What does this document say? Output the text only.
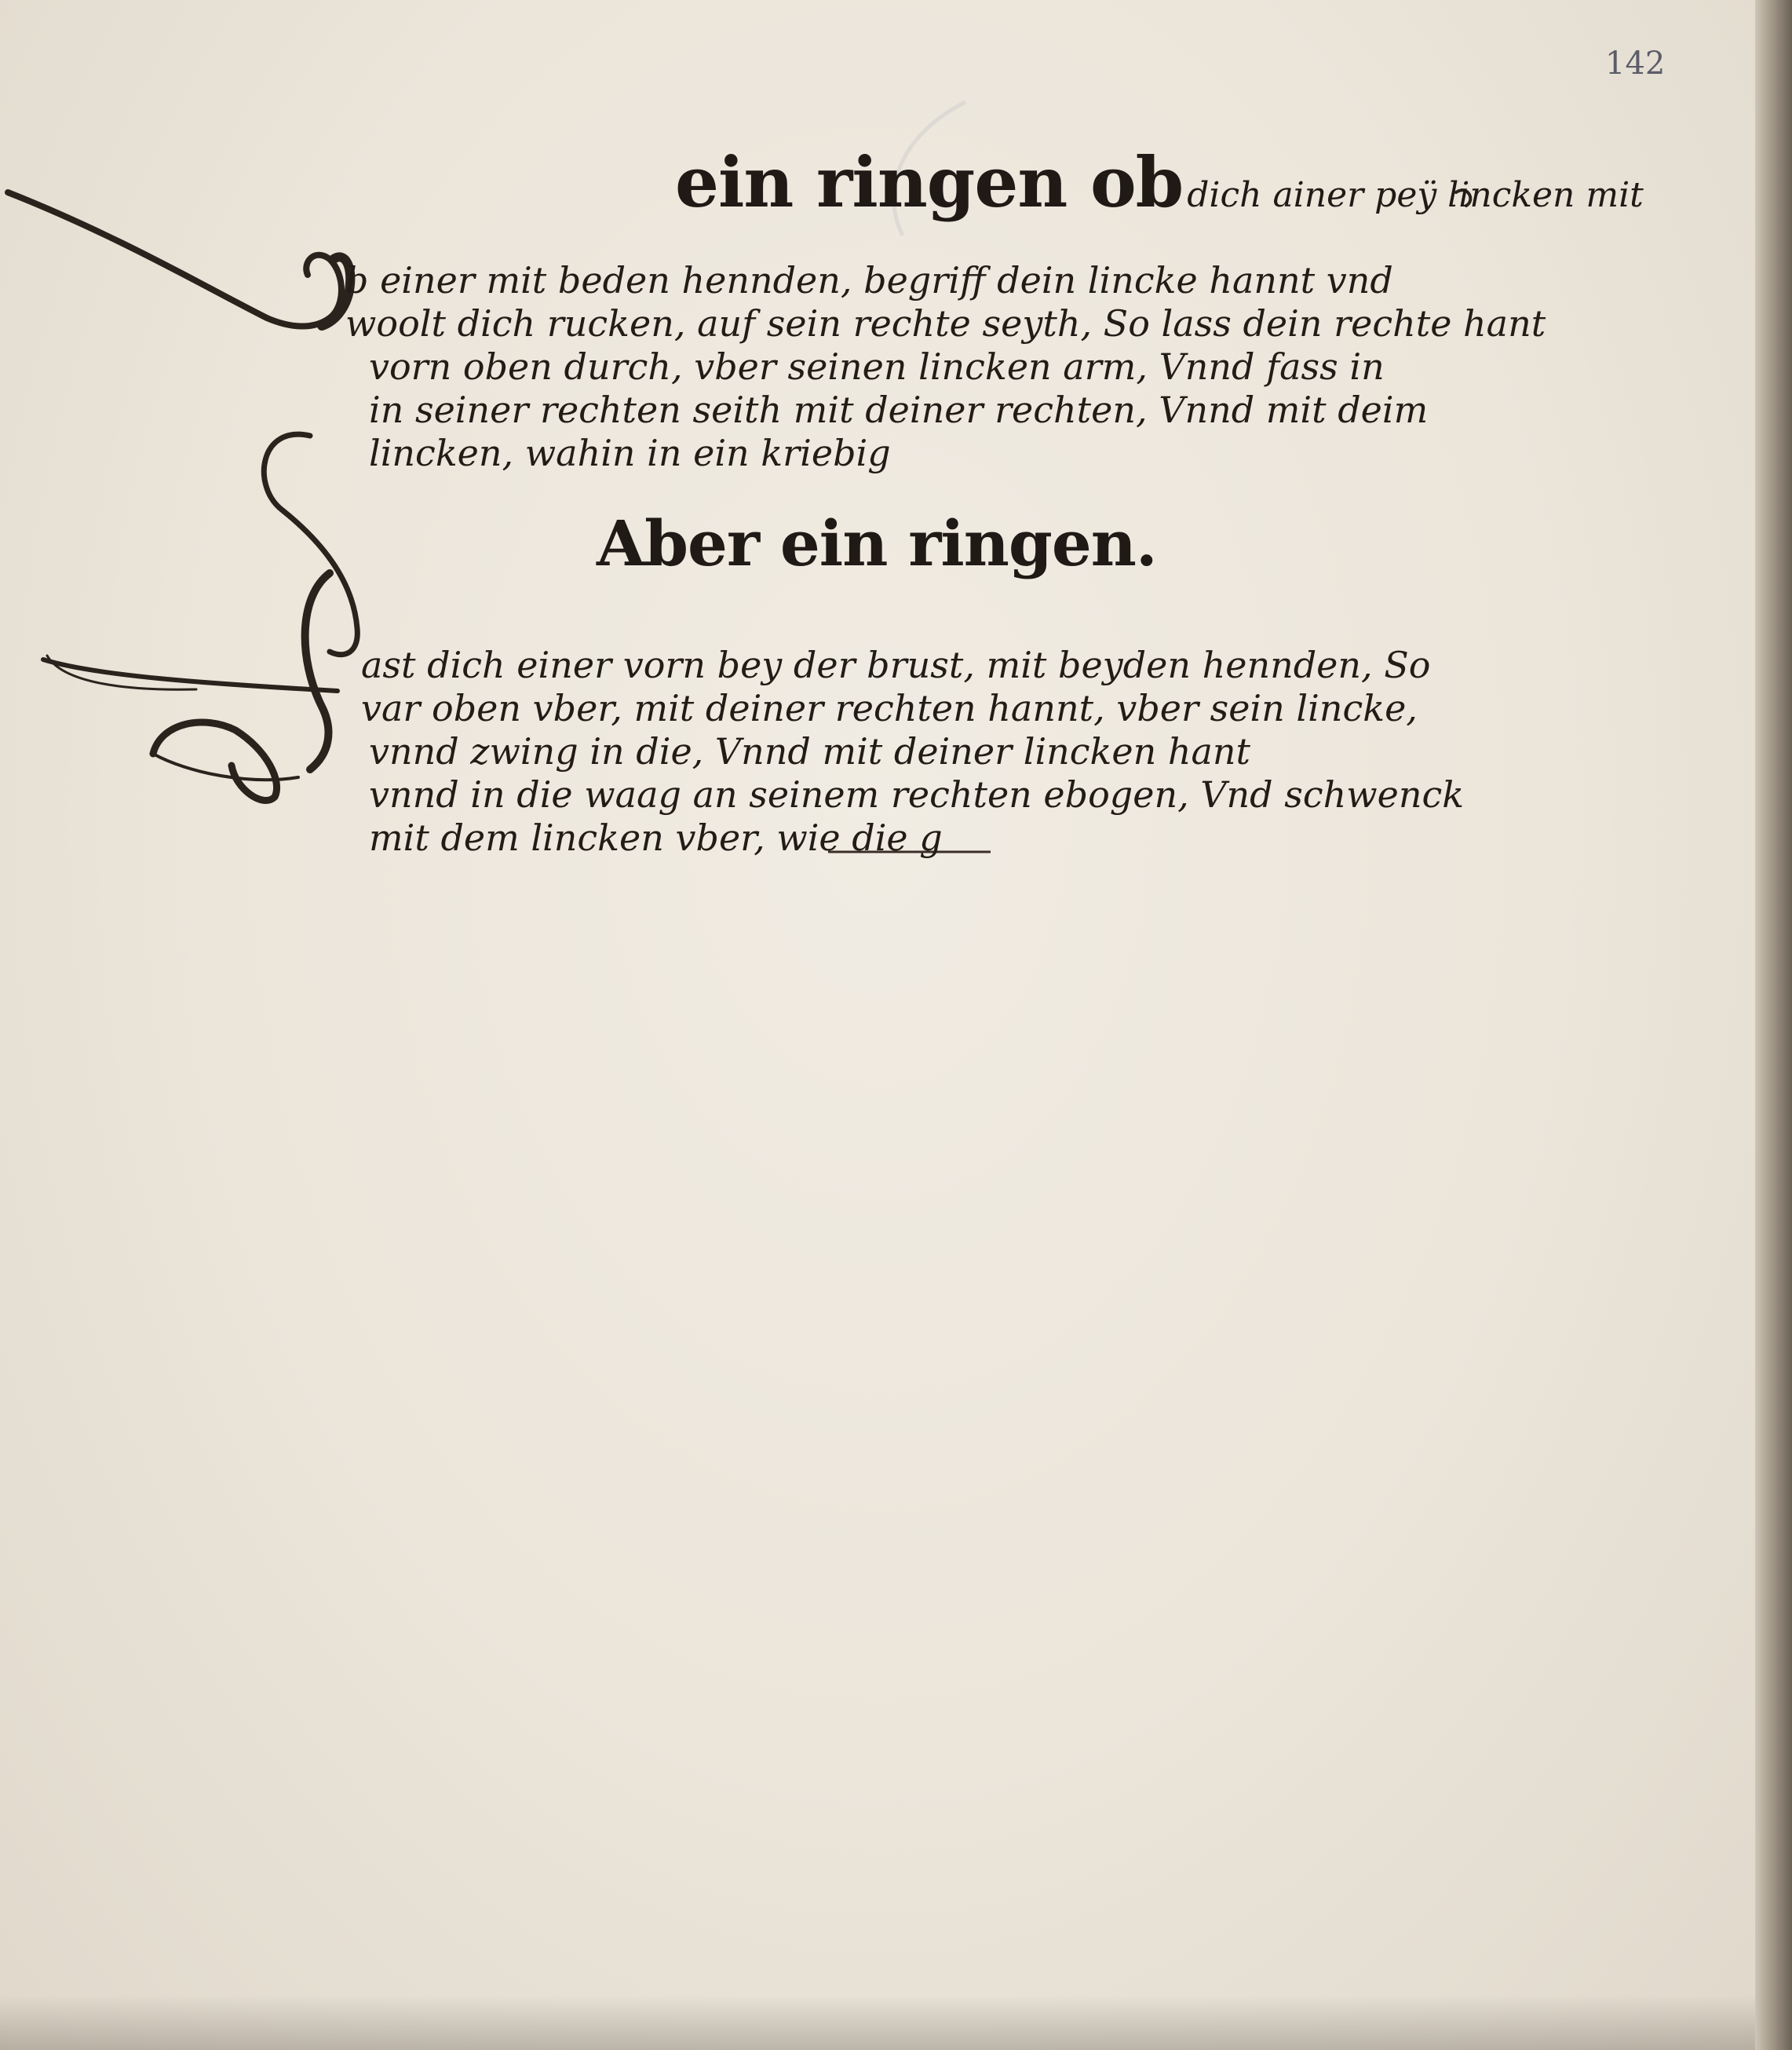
142
ein ringen ob dich ainer peÿ lincken mit
b einer mit beden hennden, begriff dein lincke hannt vnd
woolt dich rucken, auf sein rechte seyth, So lass dein rechte hant
vorn oben durch, vber seinen lincken arm, Vnnd fass in
in seiner rechten seith mit deiner rechten, Vnnd mit deim
lincken, wahin in ein kriebig
Aber ein ringen.
ast dich einer vorn bey der brust, mit beyden hennden, So
var oben vber, mit deiner rechten hannt, vber sein lincke,
vnnd zwing in die, Vnnd mit deiner lincken hant
vnnd in die waag an seinem rechten ebogen, Vnd schwenck
mit dem lincken vber, wie die g
